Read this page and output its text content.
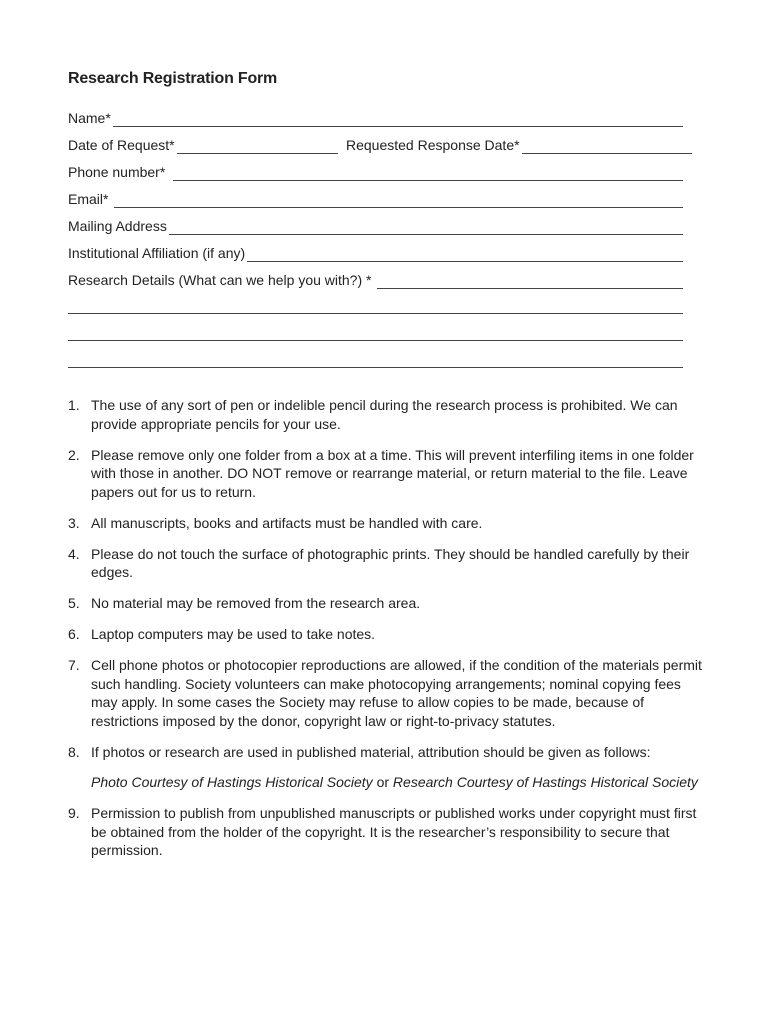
Research Registration Form
Name*
Date of Request*	Requested Response Date*
Phone number*
Email*
Mailing Address
Institutional Affiliation (if any)
Research Details (What can we help you with?) *
1. The use of any sort of pen or indelible pencil during the research process is prohibited. We can provide appropriate pencils for your use.
2. Please remove only one folder from a box at a time. This will prevent interfiling items in one folder with those in another. DO NOT remove or rearrange material, or return material to the file. Leave papers out for us to return.
3. All manuscripts, books and artifacts must be handled with care.
4. Please do not touch the surface of photographic prints. They should be handled carefully by their edges.
5. No material may be removed from the research area.
6. Laptop computers may be used to take notes.
7. Cell phone photos or photocopier reproductions are allowed, if the condition of the materials permit such handling. Society volunteers can make photocopying arrangements; nominal copying fees may apply. In some cases the Society may refuse to allow copies to be made, because of restrictions imposed by the donor, copyright law or right-to-privacy statutes.
8. If photos or research are used in published material, attribution should be given as follows:
Photo Courtesy of Hastings Historical Society or Research Courtesy of Hastings Historical Society
9. Permission to publish from unpublished manuscripts or published works under copyright must first be obtained from the holder of the copyright. It is the researcher’s responsibility to secure that permission.
